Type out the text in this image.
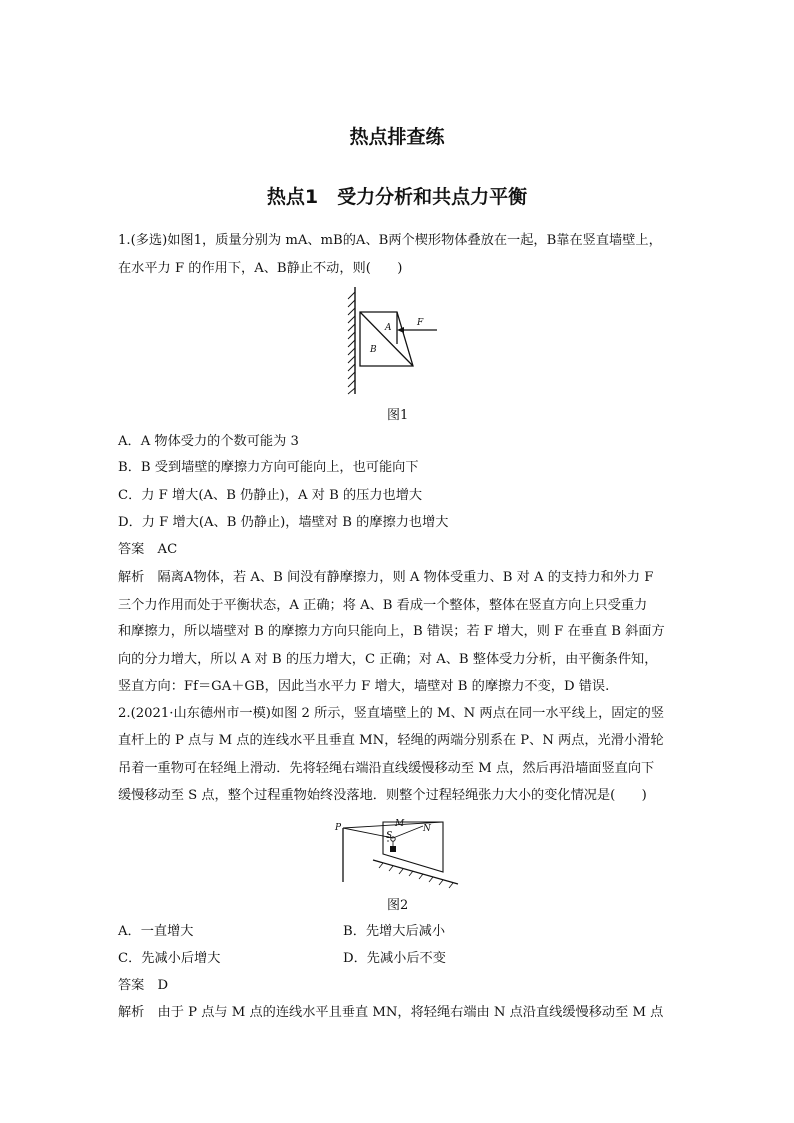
热点排查练
热点1　受力分析和共点力平衡
1.(多选)如图1，质量分别为 mA、mB的A、B两个楔形物体叠放在一起，B靠在竖直墙壁上，
在水平力 F 的作用下，A、B静止不动，则(　　)
A
B
F
图1
A．A 物体受力的个数可能为 3
B．B 受到墙壁的摩擦力方向可能向上，也可能向下
C．力 F 增大(A、B 仍静止)，A 对 B 的压力也增大
D．力 F 增大(A、B 仍静止)，墙壁对 B 的摩擦力也增大
答案　AC
解析　隔离A物体，若 A、B 间没有静摩擦力，则 A 物体受重力、B 对 A 的支持力和外力 F
三个力作用而处于平衡状态，A 正确；将 A、B 看成一个整体，整体在竖直方向上只受重力
和摩擦力，所以墙壁对 B 的摩擦力方向只能向上，B 错误；若 F 增大，则 F 在垂直 B 斜面方
向的分力增大，所以 A 对 B 的压力增大，C 正确；对 A、B 整体受力分析，由平衡条件知，
竖直方向：Ff＝GA＋GB，因此当水平力 F 增大，墙壁对 B 的摩擦力不变，D 错误.
2.(2021·山东德州市一模)如图 2 所示，竖直墙壁上的 M、N 两点在同一水平线上，固定的竖
直杆上的 P 点与 M 点的连线水平且垂直 MN，轻绳的两端分别系在 P、N 两点，光滑小滑轮
吊着一重物可在轻绳上滑动．先将轻绳右端沿直线缓慢移动至 M 点，然后再沿墙面竖直向下
缓慢移动至 S 点，整个过程重物始终没落地．则整个过程轻绳张力大小的变化情况是(　　)
P	M N
S
图2
A．一直增大	B．先增大后减小
C．先减小后增大	D．先减小后不变
答案　D
解析　由于 P 点与 M 点的连线水平且垂直 MN，将轻绳右端由 N 点沿直线缓慢移动至 M 点
